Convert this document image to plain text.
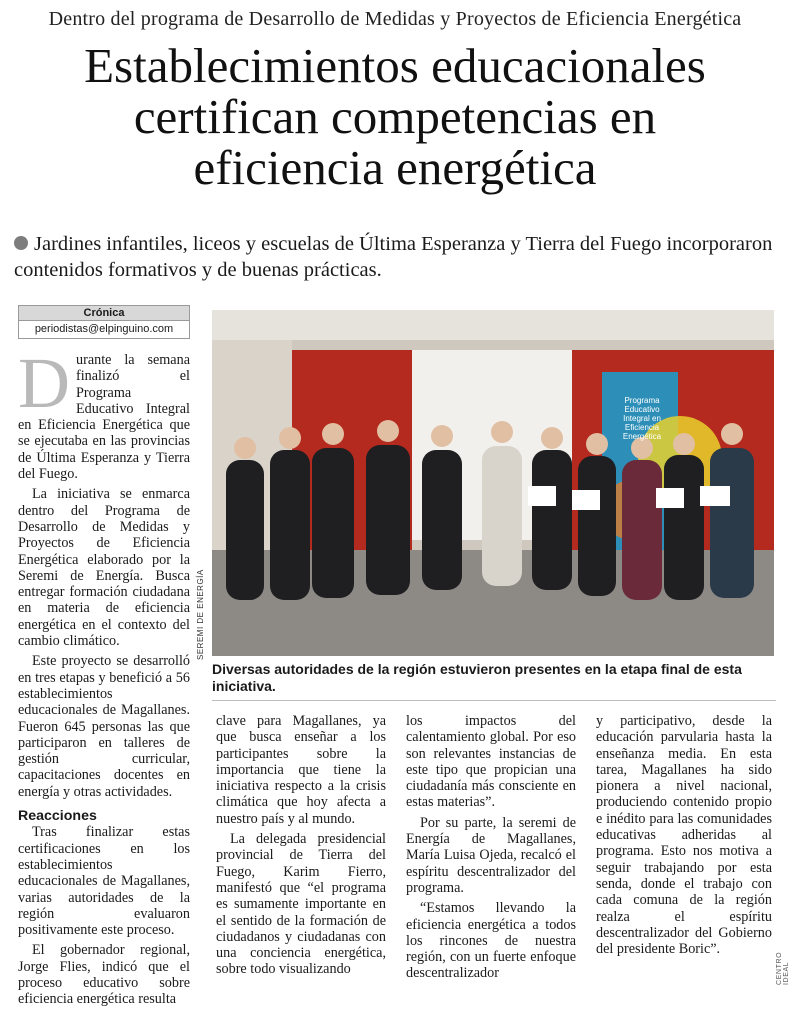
Dentro del programa de Desarrollo de Medidas y Proyectos de Eficiencia Energética
Establecimientos educacionales
certifican competencias en
eficiencia energética
Jardines infantiles, liceos y escuelas de Última Esperanza y Tierra del Fuego incorporaron contenidos formativos y de buenas prácticas.
Crónica
periodistas@elpinguino.com

Durante la semana finalizó el Programa Educativo Integral en Eficiencia Energética que se ejecutaba en las provincias de Última Esperanza y Tierra del Fuego.

La iniciativa se enmarca dentro del Programa de Desarrollo de Medidas y Proyectos de Eficiencia Energética elaborado por la Seremi de Energía. Busca entregar formación ciudadana en materia de eficiencia energética en el contexto del cambio climático.

Este proyecto se desarrolló en tres etapas y benefició a 56 establecimientos educacionales de Magallanes. Fueron 645 personas las que participaron en talleres de gestión curricular, capacitaciones docentes en energía y otras actividades.

Reacciones

Tras finalizar estas certificaciones en los establecimientos educacionales de Magallanes, varias autoridades de la región evaluaron positivamente este proceso.

El gobernador regional, Jorge Flies, indicó que el proceso educativo sobre eficiencia energética resulta

Programa Educativo
Integral en Eficiencia
Energética
SEREMI DE ENERGÍA
Diversas autoridades de la región estuvieron presentes en la etapa final de esta iniciativa.

clave para Magallanes, ya que busca enseñar a los participantes sobre la importancia que tiene la iniciativa respecto a la crisis climática que hoy afecta a nuestro país y al mundo.

La delegada presidencial provincial de Tierra del Fuego, Karim Fierro, manifestó que “el programa es sumamente importante en el sentido de la formación de ciudadanos y ciudadanas con una conciencia energética, sobre todo visualizando

los impactos del calentamiento global. Por eso son relevantes instancias de este tipo que propician una ciudadanía más consciente en estas materias”.

Por su parte, la seremi de Energía de Magallanes, María Luisa Ojeda, recalcó el espíritu descentralizador del programa.

“Estamos llevando la eficiencia energética a todos los rincones de nuestra región, con un fuerte enfoque descentralizador

y participativo, desde la educación parvularia hasta la enseñanza media. En esta tarea, Magallanes ha sido pionera a nivel nacional, produciendo contenido propio e inédito para las comunidades educativas adheridas al programa. Esto nos motiva a seguir trabajando por esta senda, donde el trabajo con cada comuna de la región realza el espíritu descentralizador del Gobierno del presidente Boric”.

CENTRO IDEAL
